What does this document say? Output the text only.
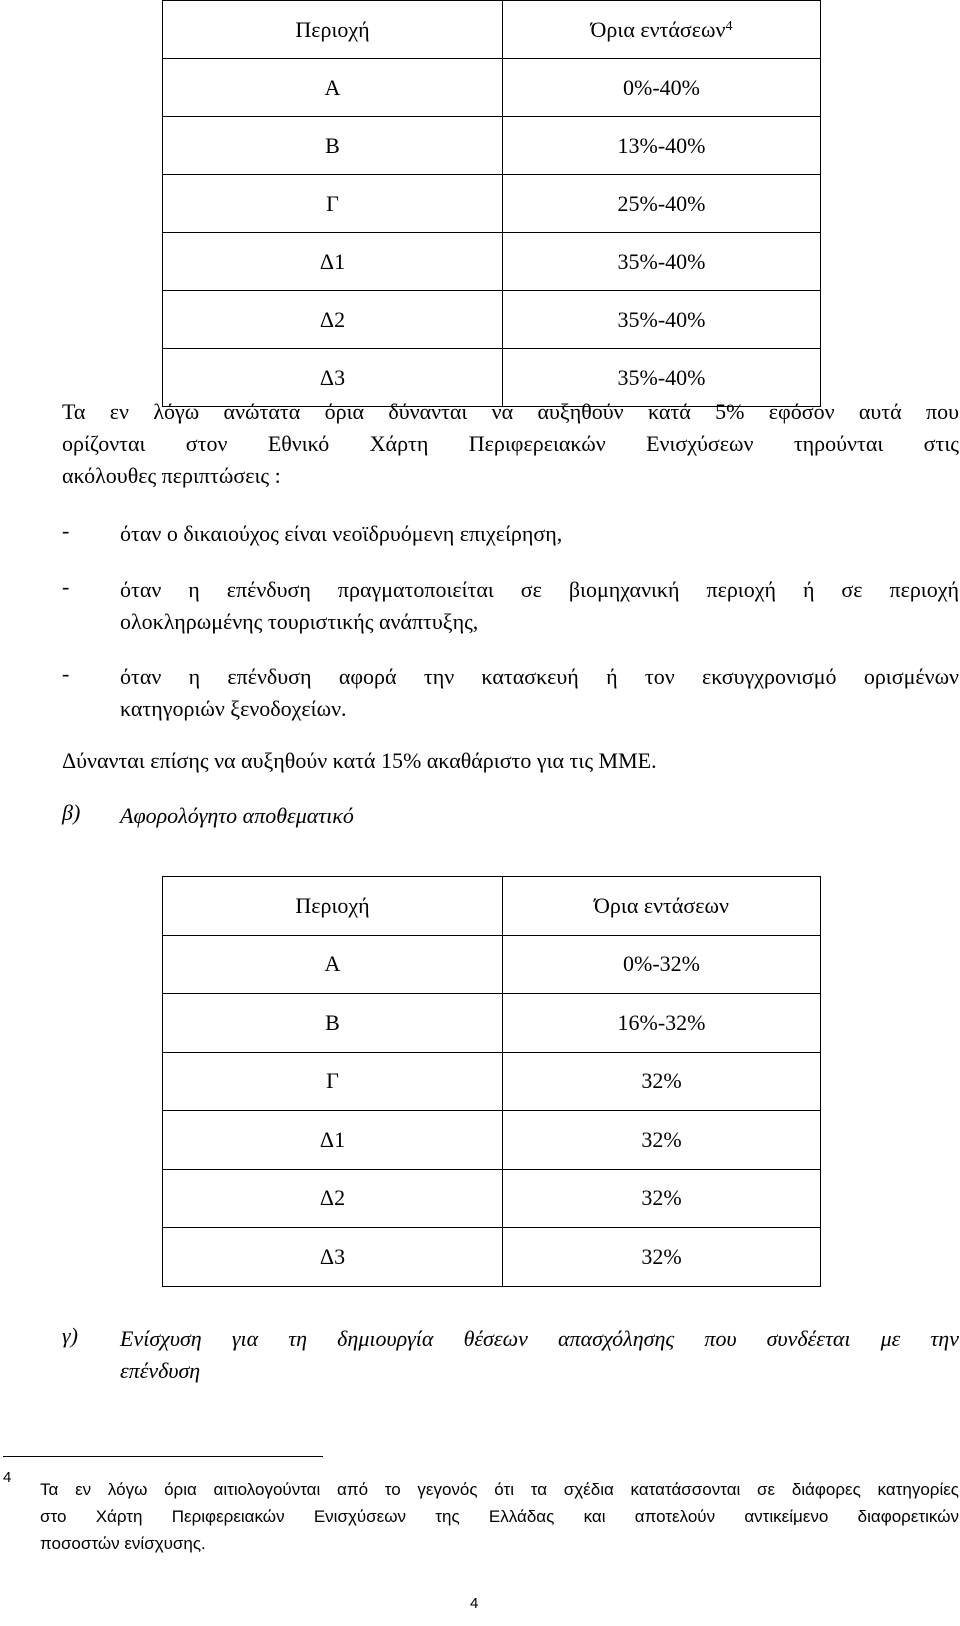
Περιοχή	Όρια εντάσεων$^4$
Α	0%-40%
Β	13%-40%
Γ	25%-40%
Δ1	35%-40%
Δ2	35%-40%
Δ3	35%-40%
Τα εν λόγω ανώτατα όρια δύνανται να αυξηθούν κατά 5% εφόσον αυτά που
ορίζονται στον Εθνικό Χάρτη Περιφερειακών Ενισχύσεων τηρούνται στις
ακόλουθες περιπτώσεις :
- όταν ο δικαιούχος είναι νεοϊδρυόμενη επιχείρηση,
- όταν η επένδυση πραγματοποιείται σε βιομηχανική περιοχή ή σε περιοχή
ολοκληρωμένης τουριστικής ανάπτυξης,
- όταν η επένδυση αφορά την κατασκευή ή τον εκσυγχρονισμό ορισμένων
κατηγοριών ξενοδοχείων.
Δύνανται επίσης να αυξηθούν κατά 15% ακαθάριστο για τις ΜΜΕ.
β) Αφορολόγητο αποθεματικό
Περιοχή	Όρια εντάσεων
Α	0%-32%
Β	16%-32%
Γ	32%
Δ1	32%
Δ2	32%
Δ3	32%
γ) Ενίσχυση για τη δημιουργία θέσεων απασχόλησης που συνδέεται με την
επένδυση
4
Τα εν λόγω όρια αιτιολογούνται από το γεγονός ότι τα σχέδια κατατάσσονται σε διάφορες κατηγορίες
στο Χάρτη Περιφερειακών Ενισχύσεων της Ελλάδας και αποτελούν αντικείμενο διαφορετικών
ποσοστών ενίσχυσης.
4
